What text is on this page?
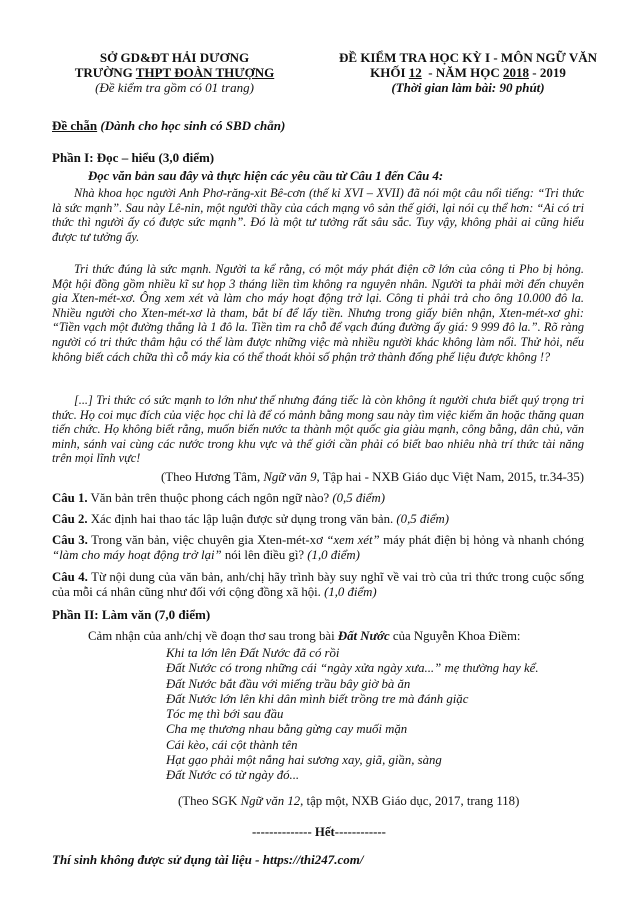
SỞ GD&ĐT HẢI DƯƠNG
TRƯỜNG THPT ĐOÀN THƯỢNG
(Đề kiểm tra gồm có 01 trang)
ĐỀ KIỂM TRA HỌC KỲ I - MÔN NGỮ VĂN
KHỐI 12  - NĂM HỌC 2018 - 2019
(Thời gian làm bài: 90 phút)
Đề chẵn (Dành cho học sinh có SBD chẵn)
Phần I: Đọc – hiểu (3,0 điểm)
Đọc văn bản sau đây và thực hiện các yêu cầu từ Câu 1 đến Câu 4:
Nhà khoa học người Anh Phơ-răng-xit Bê-cơn (thế kỉ XVI – XVII) đã nói một câu nổi tiếng: “Tri thức là sức mạnh”. Sau này Lê-nin, một người thầy của cách mạng vô sản thế giới, lại nói cụ thể hơn: “Ai có tri thức thì người ấy có được sức mạnh”. Đó là một tư tưởng rất sâu sắc. Tuy vậy, không phải ai cũng hiểu được tư tưởng ấy.
Tri thức đúng là sức mạnh. Người ta kể rằng, có một máy phát điện cỡ lớn của công ti Pho bị hỏng. Một hội đồng gồm nhiều kĩ sư họp 3 tháng liền tìm không ra nguyên nhân. Người ta phải mời đến chuyên gia Xten-mét-xơ. Ông xem xét và làm cho máy hoạt động trở lại. Công ti phải trả cho ông 10.000 đô la. Nhiều người cho Xten-mét-xơ là tham, bắt bí để lấy tiền. Nhưng trong giấy biên nhận, Xten-mét-xơ ghi: “Tiền vạch một đường thẳng là 1 đô la. Tiền tìm ra chỗ để vạch đúng đường ấy giá: 9 999 đô la.”. Rõ ràng người có tri thức thâm hậu có thể làm được những việc mà nhiều người khác không làm nổi. Thử hỏi, nếu không biết cách chữa thì cỗ máy kia có thể thoát khỏi số phận trở thành đống phế liệu được không !?
[...] Tri thức có sức mạnh to lớn như thế nhưng đáng tiếc là còn không ít người chưa biết quý trọng tri thức. Họ coi mục đích của việc học chỉ là để có mảnh bằng mong sau này tìm việc kiếm ăn hoặc thăng quan tiến chức. Họ không biết rằng, muốn biến nước ta thành một quốc gia giàu mạnh, công bằng, dân chủ, văn minh, sánh vai cùng các nước trong khu vực và thế giới cần phải có biết bao nhiêu nhà trí thức tài năng trên mọi lĩnh vực!
(Theo Hương Tâm, Ngữ văn 9, Tập hai - NXB Giáo dục Việt Nam, 2015, tr.34-35)
Câu 1. Văn bản trên thuộc phong cách ngôn ngữ nào? (0,5 điểm)
Câu 2. Xác định hai thao tác lập luận được sử dụng trong văn bản. (0,5 điểm)
Câu 3. Trong văn bản, việc chuyên gia Xten-mét-xơ “xem xét” máy phát điện bị hỏng và nhanh chóng “làm cho máy hoạt động trở lại” nói lên điều gì? (1,0 điểm)
Câu 4. Từ nội dung của văn bản, anh/chị hãy trình bày suy nghĩ về vai trò của tri thức trong cuộc sống của mỗi cá nhân cũng như đối với cộng đồng xã hội. (1,0 điểm)
Phần II: Làm văn (7,0 điểm)
Cảm nhận của anh/chị về đoạn thơ sau trong bài Đất Nước của Nguyễn Khoa Điềm:
Khi ta lớn lên Đất Nước đã có rồi
Đất Nước có trong những cái “ngày xửa ngày xưa...” mẹ thường hay kể.
Đất Nước bắt đầu với miếng trầu bây giờ bà ăn
Đất Nước lớn lên khi dân mình biết trồng tre mà đánh giặc
Tóc mẹ thì bới sau đầu
Cha mẹ thương nhau bằng gừng cay muối mặn
Cái kèo, cái cột thành tên
Hạt gạo phải một nắng hai sương xay, giã, giần, sàng
Đất Nước có từ ngày đó...
(Theo SGK Ngữ văn 12, tập một, NXB Giáo dục, 2017, trang 118)
-------------- Hết------------
Thí sinh không được sử dụng tài liệu - https://thi247.com/
